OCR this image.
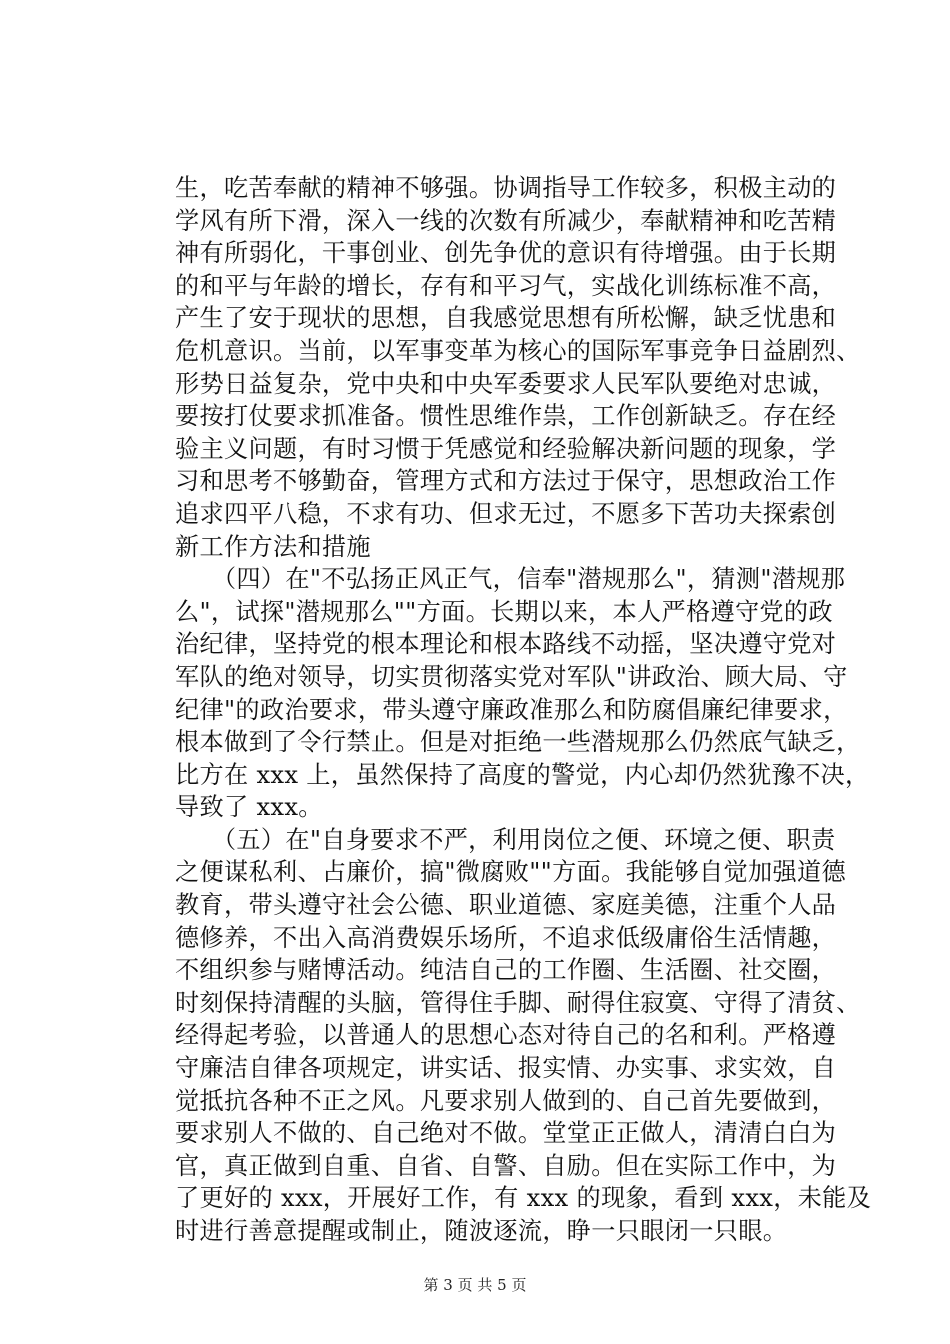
生，吃苦奉献的精神不够强。协调指导工作较多，积极主动的
学风有所下滑，深入一线的次数有所减少，奉献精神和吃苦精
神有所弱化，干事创业、创先争优的意识有待增强。由于长期
的和平与年龄的增长，存有和平习气，实战化训练标准不高，
产生了安于现状的思想，自我感觉思想有所松懈，缺乏忧患和
危机意识。当前，以军事变革为核心的国际军事竞争日益剧烈、
形势日益复杂，党中央和中央军委要求人民军队要绝对忠诚，
要按打仗要求抓准备。惯性思维作祟，工作创新缺乏。存在经
验主义问题，有时习惯于凭感觉和经验解决新问题的现象，学
习和思考不够勤奋，管理方式和方法过于保守，思想政治工作
追求四平八稳，不求有功、但求无过，不愿多下苦功夫探索创
新工作方法和措施
　　（四）在"不弘扬正风正气，信奉"潜规那么"，猜测"潜规那
么"，试探"潜规那么""方面。长期以来，本人严格遵守党的政
治纪律，坚持党的根本理论和根本路线不动摇，坚决遵守党对
军队的绝对领导，切实贯彻落实党对军队"讲政治、顾大局、守
纪律"的政治要求，带头遵守廉政准那么和防腐倡廉纪律要求，
根本做到了令行禁止。但是对拒绝一些潜规那么仍然底气缺乏，
比方在 xxx 上，虽然保持了高度的警觉，内心却仍然犹豫不决，
导致了 xxx。
　　（五）在"自身要求不严，利用岗位之便、环境之便、职责
之便谋私利、占廉价，搞"微腐败""方面。我能够自觉加强道德
教育，带头遵守社会公德、职业道德、家庭美德，注重个人品
德修养，不出入高消费娱乐场所，不追求低级庸俗生活情趣，
不组织参与赌博活动。纯洁自己的工作圈、生活圈、社交圈，
时刻保持清醒的头脑，管得住手脚、耐得住寂寞、守得了清贫、
经得起考验，以普通人的思想心态对待自己的名和利。严格遵
守廉洁自律各项规定，讲实话、报实情、办实事、求实效，自
觉抵抗各种不正之风。凡要求别人做到的、自己首先要做到，
要求别人不做的、自己绝对不做。堂堂正正做人，清清白白为
官，真正做到自重、自省、自警、自励。但在实际工作中，为
了更好的 xxx，开展好工作，有 xxx 的现象，看到 xxx，未能及
时进行善意提醒或制止，随波逐流，睁一只眼闭一只眼。
第 3 页 共 5 页
